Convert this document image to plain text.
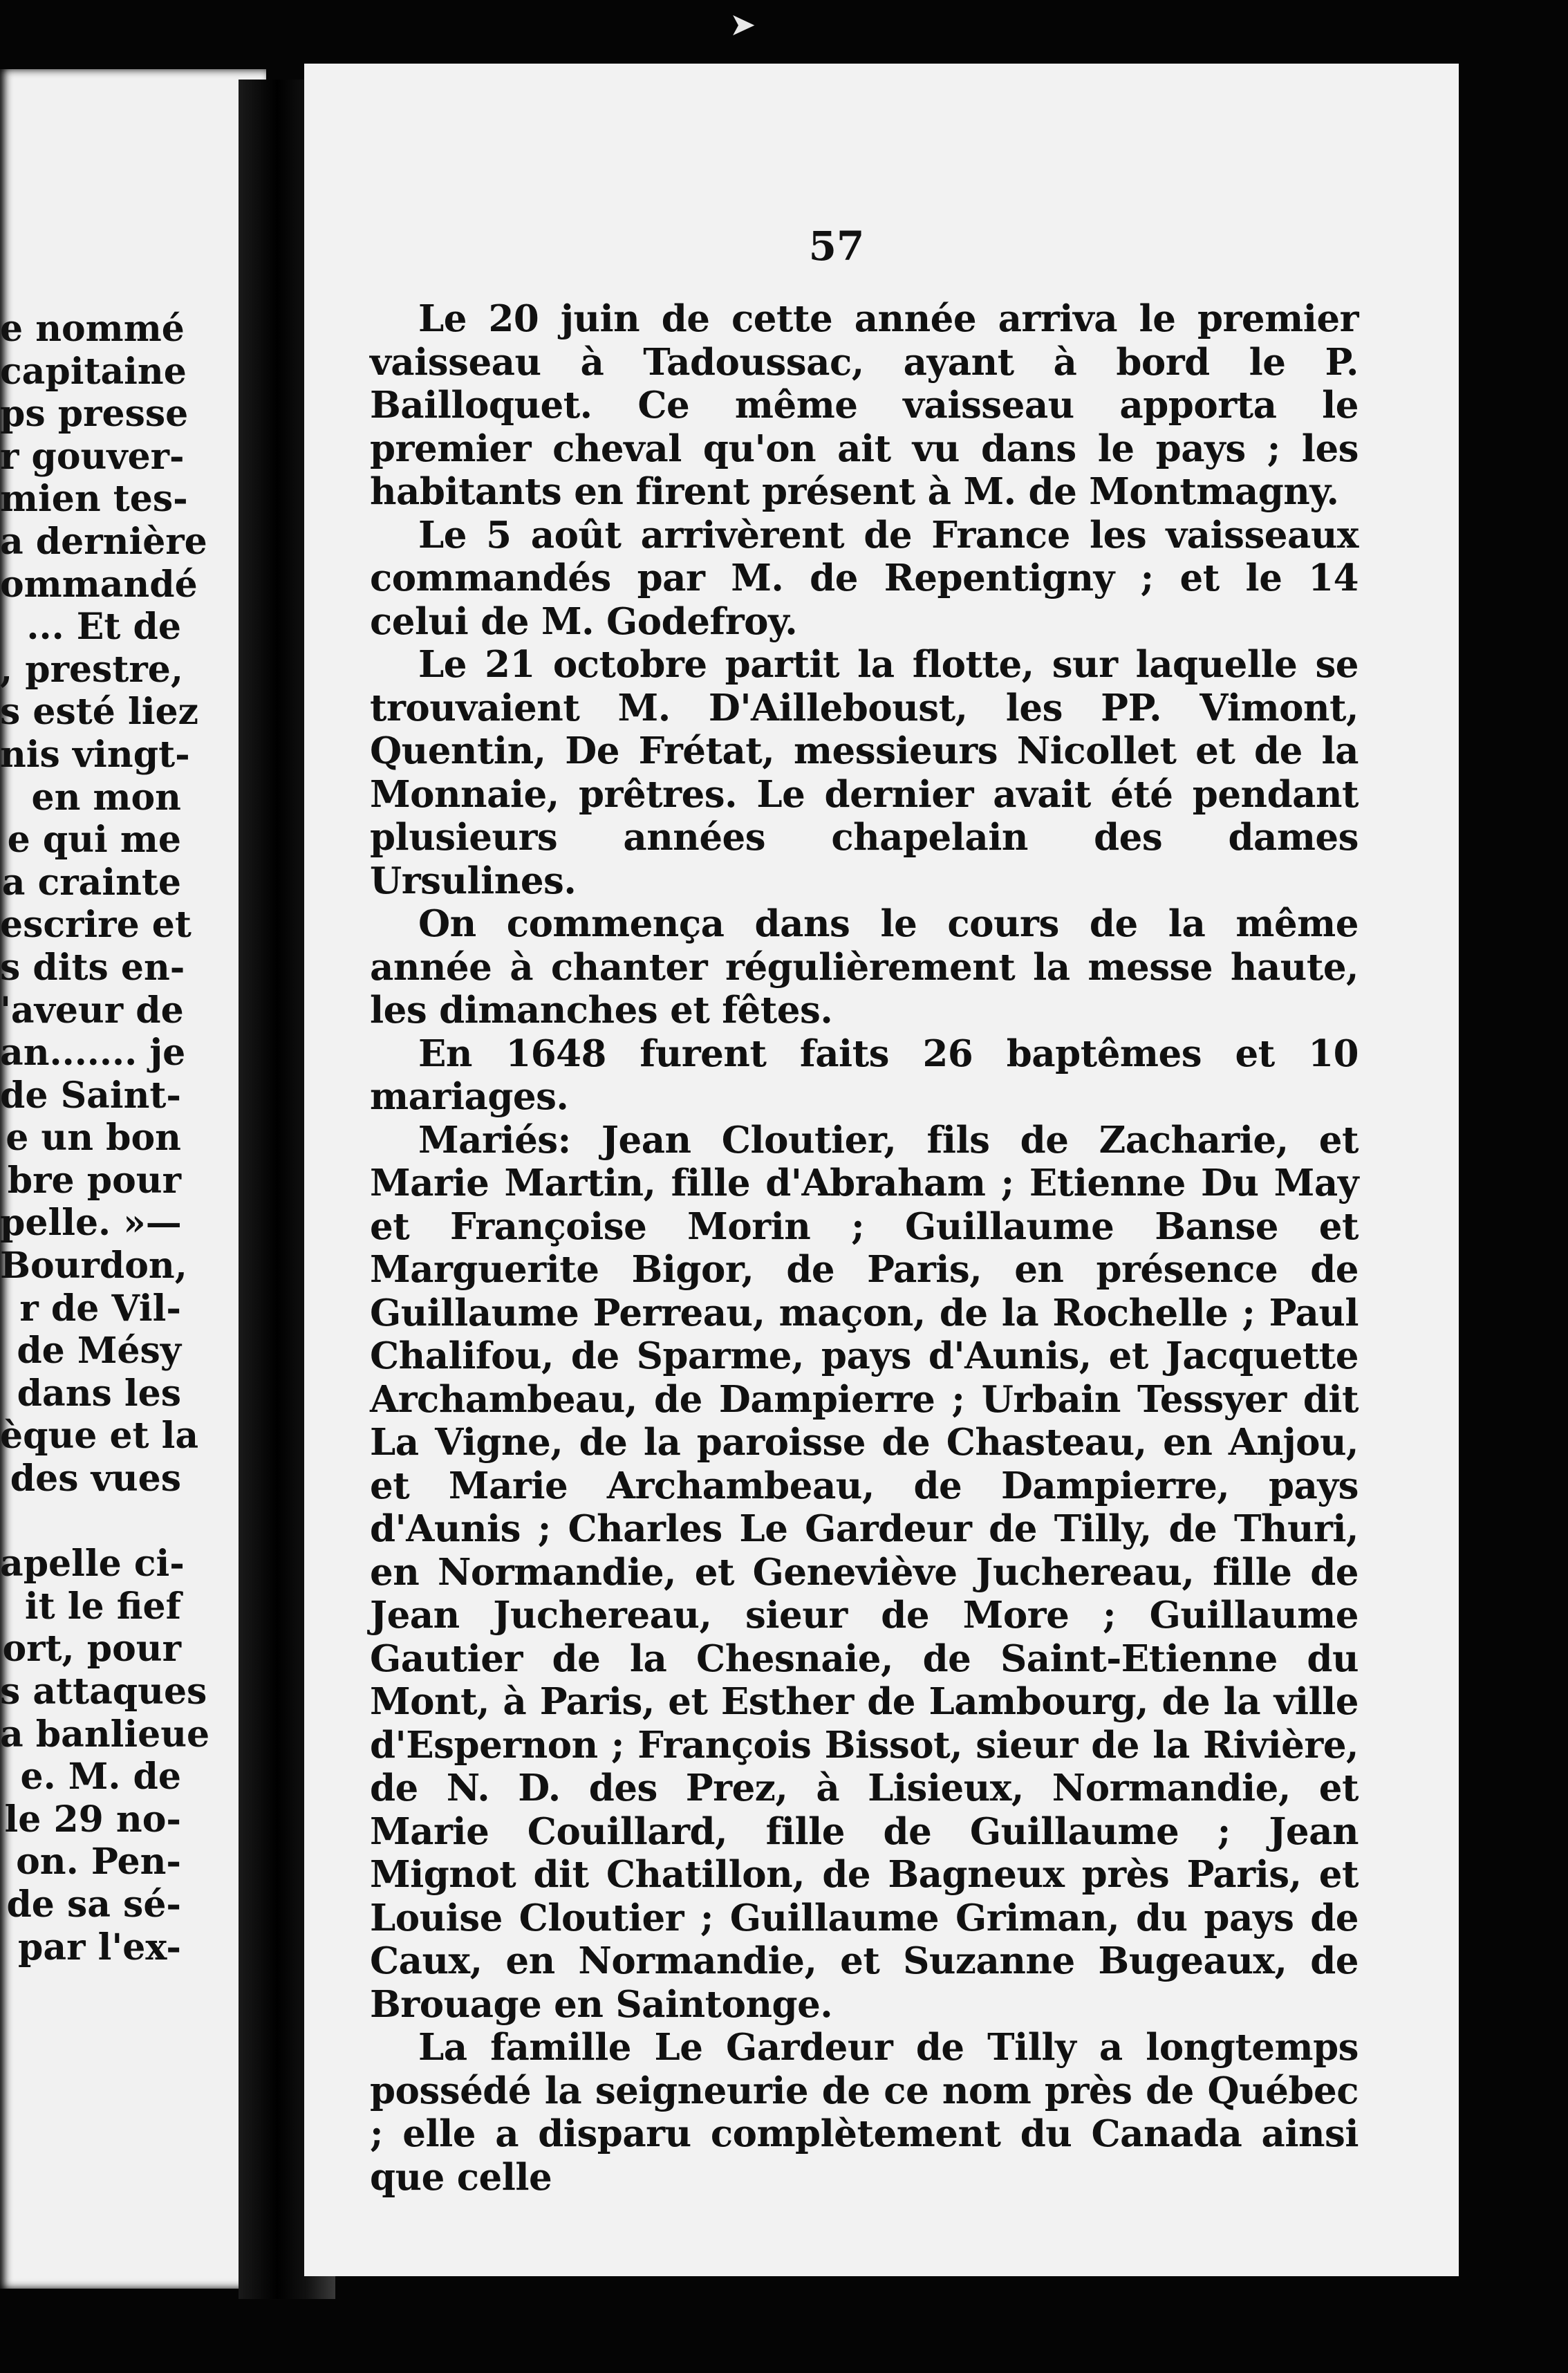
e nommé
capitaine
ps presse
r gouver-
mien tes-
a dernière
ommandé
... Et de
, prestre,
s esté liez
nis vingt-
en mon
e qui me
a crainte
escrire et
s dits en-
'aveur de
an....... je
de Saint-
e un bon
bre pour
pelle. »—
Bourdon,
r de Vil-
de Mésy
dans les
èque et la
des vues
apelle ci-
it le fief
ort, pour
s attaques
a banlieue
e. M. de
le 29 no-
on. Pen-
de sa sé-
par l'ex-
➤
57

Le 20 juin de cette année arriva le premier vaisseau à Tadoussac, ayant à bord le P. Bailloquet. Ce même vaisseau apporta le premier cheval qu'on ait vu dans le pays ; les habitants en firent présent à M. de Montmagny.

Le 5 août arrivèrent de France les vaisseaux commandés par M. de Repentigny ; et le 14 celui de M. Godefroy.

Le 21 octobre partit la flotte, sur laquelle se trouvaient M. D'Ailleboust, les PP. Vimont, Quentin, De Frétat, messieurs Nicollet et de la Monnaie, prêtres. Le dernier avait été pendant plusieurs années chapelain des dames Ursulines.

On commença dans le cours de la même année à chanter régulièrement la messe haute, les dimanches et fêtes.

En 1648 furent faits 26 baptêmes et 10 mariages.

Mariés: Jean Cloutier, fils de Zacharie, et Marie Martin, fille d'Abraham ; Etienne Du May et Françoise Morin ; Guillaume Banse et Marguerite Bigor, de Paris, en présence de Guillaume Perreau, maçon, de la Rochelle ; Paul Chalifou, de Sparme, pays d'Aunis, et Jacquette Archambeau, de Dampierre ; Urbain Tessyer dit La Vigne, de la paroisse de Chasteau, en Anjou, et Marie Archambeau, de Dampierre, pays d'Aunis ; Charles Le Gardeur de Tilly, de Thuri, en Normandie, et Geneviève Juchereau, fille de Jean Juchereau, sieur de More ; Guillaume Gautier de la Chesnaie, de Saint-Etienne du Mont, à Paris, et Esther de Lambourg, de la ville d'Espernon ; François Bissot, sieur de la Rivière, de N. D. des Prez, à Lisieux, Normandie, et Marie Couillard, fille de Guillaume ; Jean Mignot dit Chatillon, de Bagneux près Paris, et Louise Cloutier ; Guillaume Griman, du pays de Caux, en Normandie, et Suzanne Bugeaux, de Brouage en Saintonge.

La famille Le Gardeur de Tilly a longtemps possédé la seigneurie de ce nom près de Québec ; elle a disparu complètement du Canada ainsi que celle
